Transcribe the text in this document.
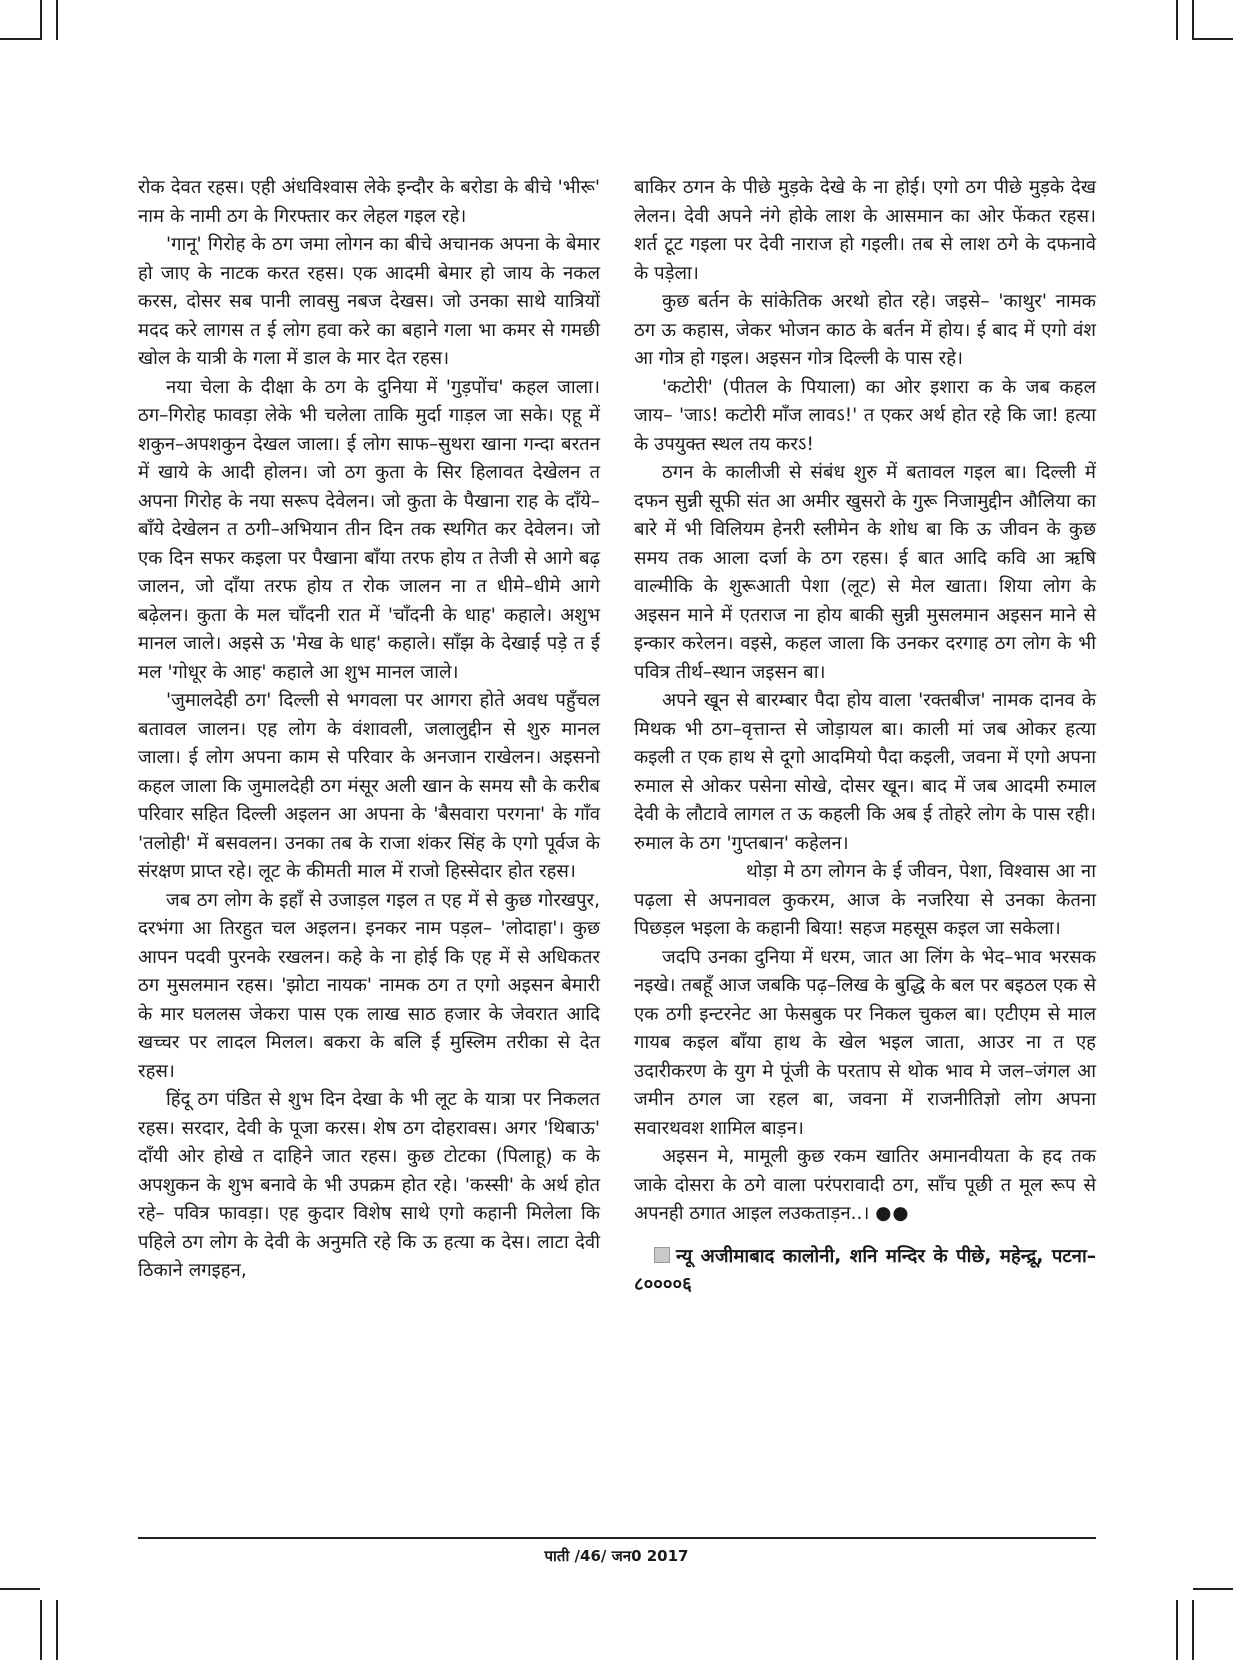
रोक देवत रहस। एही अंधविश्वास लेके इन्दौर के बरोडा के बीचे 'भीरू' नाम के नामी ठग के गिरफ्तार कर लेहल गइल रहे।

'गानू' गिरोह के ठग जमा लोगन का बीचे अचानक अपना के बेमार हो जाए के नाटक करत रहस। एक आदमी बेमार हो जाय के नकल करस, दोसर सब पानी लावसु नबज देखस। जो उनका साथे यात्रियों मदद करे लागस त ई लोग हवा करे का बहाने गला भा कमर से गमछी खोल के यात्री के गला में डाल के मार देत रहस।

नया चेला के दीक्षा के ठग के दुनिया में 'गुड़पोंच' कहल जाला। ठग–गिरोह फावड़ा लेके भी चलेला ताकि मुर्दा गाड़ल जा सके। एहू में शकुन–अपशकुन देखल जाला। ई लोग साफ–सुथरा खाना गन्दा बरतन में खाये के आदी होलन। जो ठग कुता के सिर हिलावत देखेलन त अपना गिरोह के नया सरूप देवेलन। जो कुता के पैखाना राह के दाँये–बाँये देखेलन त ठगी–अभियान तीन दिन तक स्थगित कर देवेलन। जो एक दिन सफर कइला पर पैखाना बाँया तरफ होय त तेजी से आगे बढ़ जालन, जो दाँया तरफ होय त रोक जालन ना त धीमे–धीमे आगे बढ़ेलन। कुता के मल चाँदनी रात में 'चाँदनी के धाह' कहाले। अशुभ मानल जाले। अइसे ऊ 'मेख के धाह' कहाले। साँझ के देखाई पड़े त ई मल 'गोधूर के आह' कहाले आ शुभ मानल जाले।

'जुमालदेही ठग' दिल्ली से भगवला पर आगरा होते अवध पहुँचल बतावल जालन। एह लोग के वंशावली, जलालुद्दीन से शुरु मानल जाला। ई लोग अपना काम से परिवार के अनजान राखेलन। अइसनो कहल जाला कि जुमालदेही ठग मंसूर अली खान के समय सौ के करीब परिवार सहित दिल्ली अइलन आ अपना के 'बैसवारा परगना' के गाँव 'तलोही' में बसवलन। उनका तब के राजा शंकर सिंह के एगो पूर्वज के संरक्षण प्राप्त रहे। लूट के कीमती माल में राजो हिस्सेदार होत रहस।

जब ठग लोग के इहाँ से उजाड़ल गइल त एह में से कुछ गोरखपुर, दरभंगा आ तिरहुत चल अइलन। इनकर नाम पड़ल– 'लोदाहा'। कुछ आपन पदवी पुरनके रखलन। कहे के ना होई कि एह में से अधिकतर ठग मुसलमान रहस। 'झोटा नायक' नामक ठग त एगो अइसन बेमारी के मार घललस जेकरा पास एक लाख साठ हजार के जेवरात आदि खच्चर पर लादल मिलल। बकरा के बलि ई मुस्लिम तरीका से देत रहस।

हिंदू ठग पंडित से शुभ दिन देखा के भी लूट के यात्रा पर निकलत रहस। सरदार, देवी के पूजा करस। शेष ठग दोहरावस। अगर 'थिबाऊ' दाँयी ओर होखे त दाहिने जात रहस। कुछ टोटका (पिलाहू) क के अपशुकन के शुभ बनावे के भी उपक्रम होत रहे। 'कस्सी' के अर्थ होत रहे– पवित्र फावड़ा। एह कुदार विशेष साथे एगो कहानी मिलेला कि पहिले ठग लोग के देवी के अनुमति रहे कि ऊ हत्या क देस। लाटा देवी ठिकाने लगइहन,

बाकिर ठगन के पीछे मुड़के देखे के ना होई। एगो ठग पीछे मुड़के देख लेलन। देवी अपने नंगे होके लाश के आसमान का ओर फेंकत रहस। शर्त टूट गइला पर देवी नाराज हो गइली। तब से लाश ठगे के दफनावे के पड़ेला।

कुछ बर्तन के सांकेतिक अरथो होत रहे। जइसे– 'काथुर' नामक ठग ऊ कहास, जेकर भोजन काठ के बर्तन में होय। ई बाद में एगो वंश आ गोत्र हो गइल। अइसन गोत्र दिल्ली के पास रहे।

'कटोरी' (पीतल के पियाला) का ओर इशारा क के जब कहल जाय– 'जाऽ! कटोरी माँज लावऽ!' त एकर अर्थ होत रहे कि जा! हत्या के उपयुक्त स्थल तय करऽ!

ठगन के कालीजी से संबंध शुरु में बतावल गइल बा। दिल्ली में दफन सुन्नी सूफी संत आ अमीर खुसरो के गुरू निजामुद्दीन औलिया का बारे में भी विलियम हेनरी स्लीमेन के शोध बा कि ऊ जीवन के कुछ समय तक आला दर्जा के ठग रहस। ई बात आदि कवि आ ऋषि वाल्मीकि के शुरूआती पेशा (लूट) से मेल खाता। शिया लोग के अइसन माने में एतराज ना होय बाकी सुन्नी मुसलमान अइसन माने से इन्कार करेलन। वइसे, कहल जाला कि उनकर दरगाह ठग लोग के भी पवित्र तीर्थ–स्थान जइसन बा।

अपने खून से बारम्बार पैदा होय वाला 'रक्तबीज' नामक दानव के मिथक भी ठग–वृत्तान्त से जोड़ायल बा। काली मां जब ओकर हत्या कइली त एक हाथ से दूगो आदमियो पैदा कइली, जवना में एगो अपना रुमाल से ओकर पसेना सोखे, दोसर खून। बाद में जब आदमी रुमाल देवी के लौटावे लागल त ऊ कहली कि अब ई तोहरे लोग के पास रही। रुमाल के ठग 'गुप्तबान' कहेलन।

थोड़ा मे ठग लोगन के ई जीवन, पेशा, विश्वास आ ना पढ़ला से अपनावल कुकरम, आज के नजरिया से उनका केतना पिछड़ल भइला के कहानी बिया! सहज महसूस कइल जा सकेला।

जदपि उनका दुनिया में धरम, जात आ लिंग के भेद–भाव भरसक नइखे। तबहूँ आज जबकि पढ़–लिख के बुद्धि के बल पर बइठल एक से एक ठगी इन्टरनेट आ फेसबुक पर निकल चुकल बा। एटीएम से माल गायब कइल बाँया हाथ के खेल भइल जाता, आउर ना त एह उदारीकरण के युग मे पूंजी के परताप से थोक भाव मे जल–जंगल आ जमीन ठगल जा रहल बा, जवना में राजनीतिज्ञो लोग अपना सवारथवश शामिल बाड़न।

अइसन मे, मामूली कुछ रकम खातिर अमानवीयता के हद तक जाके दोसरा के ठगे वाला परंपरावादी ठग, साँच पूछी त मूल रूप से अपनही ठगात आइल लउकताड़न..। ●●

न्यू अजीमाबाद कालोनी, शनि मन्दिर के पीछे, महेन्द्रू, पटना–८००००६
पाती /46/ जन0 2017
